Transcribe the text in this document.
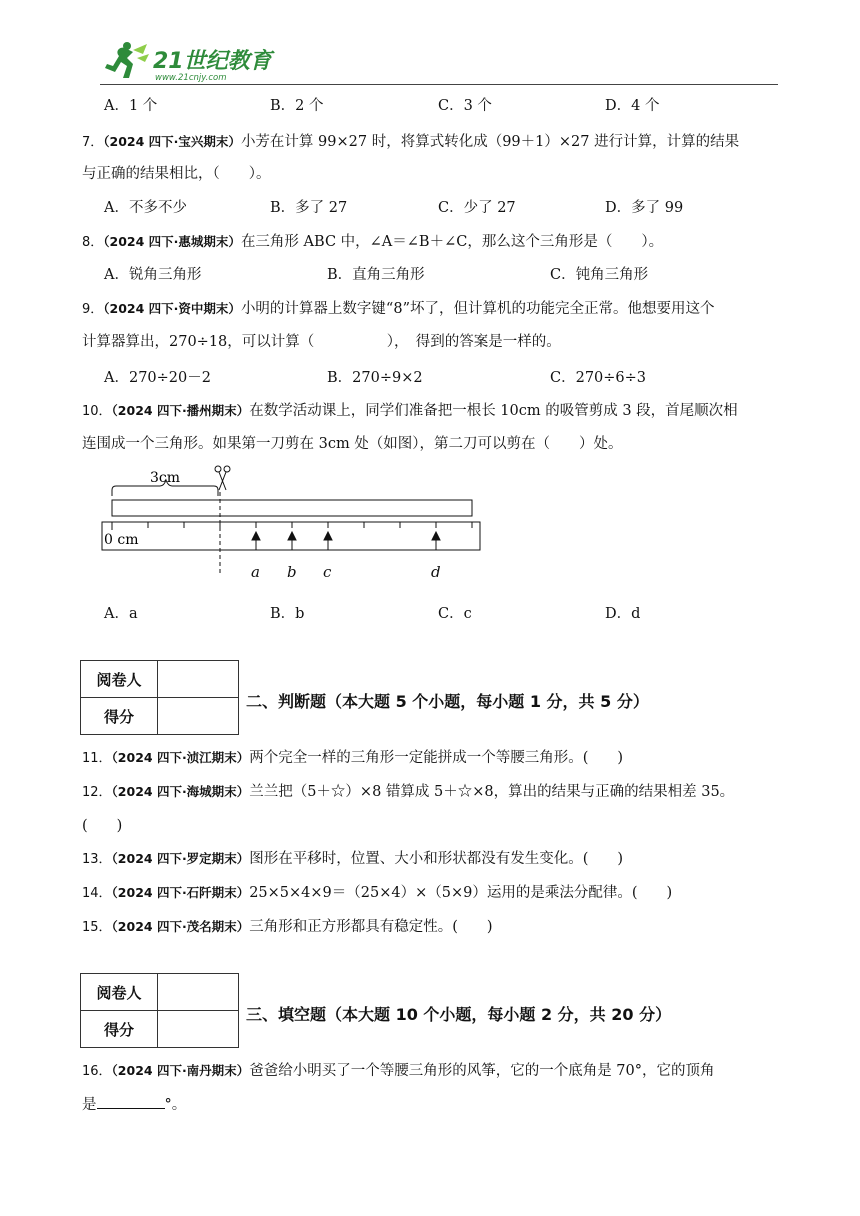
21世纪教育
www.21cnjy.com
A．1 个	B．2 个	C．3 个	D．4 个
7．（2024 四下·宝兴期末）小芳在计算 99×27 时，将算式转化成（99＋1）×27 进行计算，计算的结果
与正确的结果相比，（　　）。
A．不多不少	B．多了 27	C．少了 27	D．多了 99
8．（2024 四下·惠城期末）在三角形 ABC 中，∠A＝∠B＋∠C，那么这个三角形是（　　）。
A．锐角三角形	B．直角三角形	C．钝角三角形
9．（2024 四下·资中期末）小明的计算器上数字键“8”坏了，但计算机的功能完全正常。他想要用这个
计算器算出，270÷18，可以计算（　　　　　），　得到的答案是一样的。
A．270÷20－2	B．270÷9×2	C．270÷6÷3
10．（2024 四下·播州期末）在数学活动课上，同学们准备把一根长 10cm 的吸管剪成 3 段，首尾顺次相
连围成一个三角形。如果第一刀剪在 3cm 处（如图），第二刀可以剪在（　　）处。
3cm
0 cm
a b c	d
A．a	B．b	C．c	D．d
阅卷人	
得分	
二、判断题（本大题 5 个小题，每小题 1 分，共 5 分）
11．（2024 四下·浈江期末）两个完全一样的三角形一定能拼成一个等腰三角形。(　　)
12．（2024 四下·海城期末）兰兰把（5＋☆）×8 错算成 5＋☆×8，算出的结果与正确的结果相差 35。
(　　)
13．（2024 四下·罗定期末）图形在平移时，位置、大小和形状都没有发生变化。(　　)
14．（2024 四下·石阡期末）25×5×4×9＝（25×4）×（5×9）运用的是乘法分配律。(　　)
15．（2024 四下·茂名期末）三角形和正方形都具有稳定性。(　　)
阅卷人	
得分	
三、填空题（本大题 10 个小题，每小题 2 分，共 20 分）
16．（2024 四下·南丹期末）爸爸给小明买了一个等腰三角形的风筝，它的一个底角是 70°，它的顶角
是	°。
